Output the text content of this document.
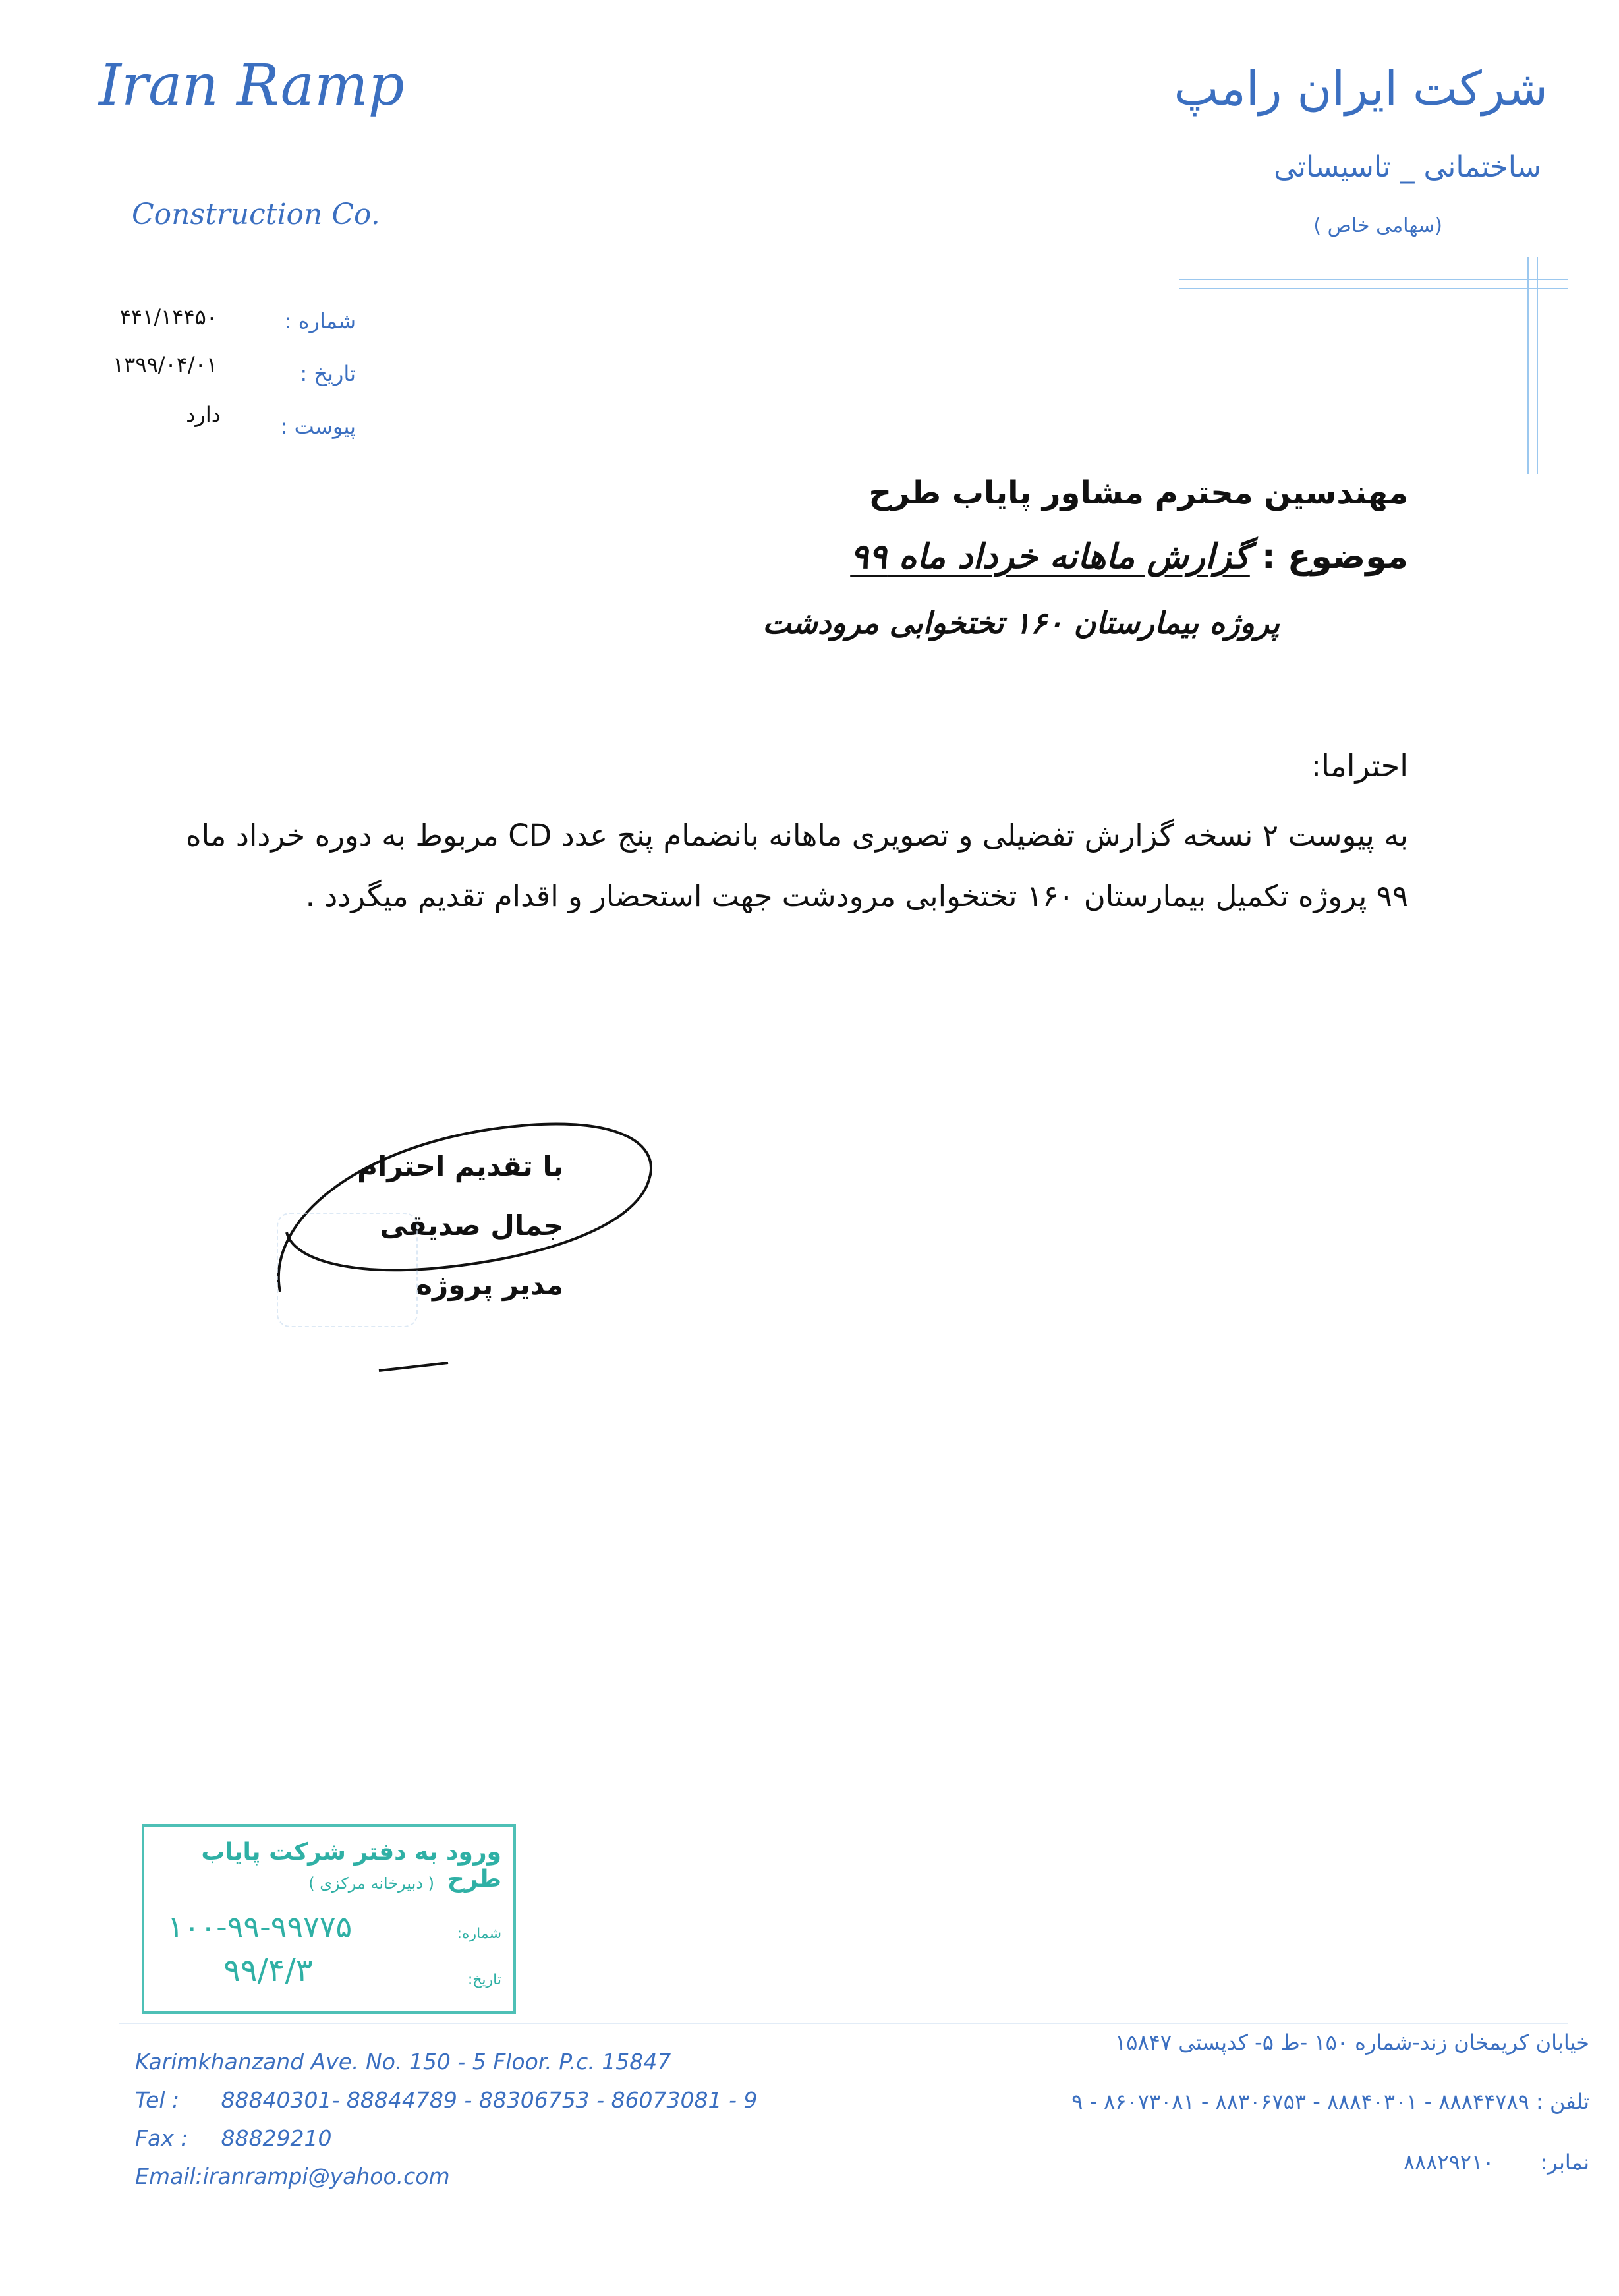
Iran Ramp
Construction Co.
شرکت ایران رامپ
ساختمانی _ تاسیساتی
(سهامی خاص )
شماره :
۴۴۱/۱۴۴۵۰
تاریخ :
۱۳۹۹/۰۴/۰۱
پیوست :
دارد
مهندسین محترم مشاور پایاب طرح
موضوع : گزارش ماهانه خرداد ماه ۹۹
پروژه بیمارستان ۱۶۰ تختخوابی مرودشت
احتراما:
به پیوست ۲ نسخه گزارش تفضیلی و تصویری ماهانه بانضمام پنج عدد CD مربوط به دوره خرداد ماه ۹۹ پروژه تکمیل بیمارستان ۱۶۰ تختخوابی مرودشت جهت استحضار و اقدام تقدیم میگردد .
با تقدیم احترام
جمال صدیقی
مدیر پروژه
ورود به دفتر شرکت پایاب طرح
( دبیرخانه مرکزی )
شماره:
۱۰۰-۹۹-۹۹۷۷۵
تاریخ:
۹۹/۴/۳
Karimkhanzand Ave. No. 150 - 5 Floor. P.c. 15847
Tel : 88840301- 88844789 - 88306753 - 86073081 - 9
Fax : 88829210
Email:iranrampi@yahoo.com
خیابان کریمخان زند-شماره ۱۵۰ -ط ۵- کدپستی ۱۵۸۴۷
تلفن : ۸۸۸۴۴۷۸۹ - ۸۸۸۴۰۳۰۱ - ۸۸۳۰۶۷۵۳ - ۸۶۰۷۳۰۸۱ - ۹
نمابر: ۸۸۸۲۹۲۱۰
